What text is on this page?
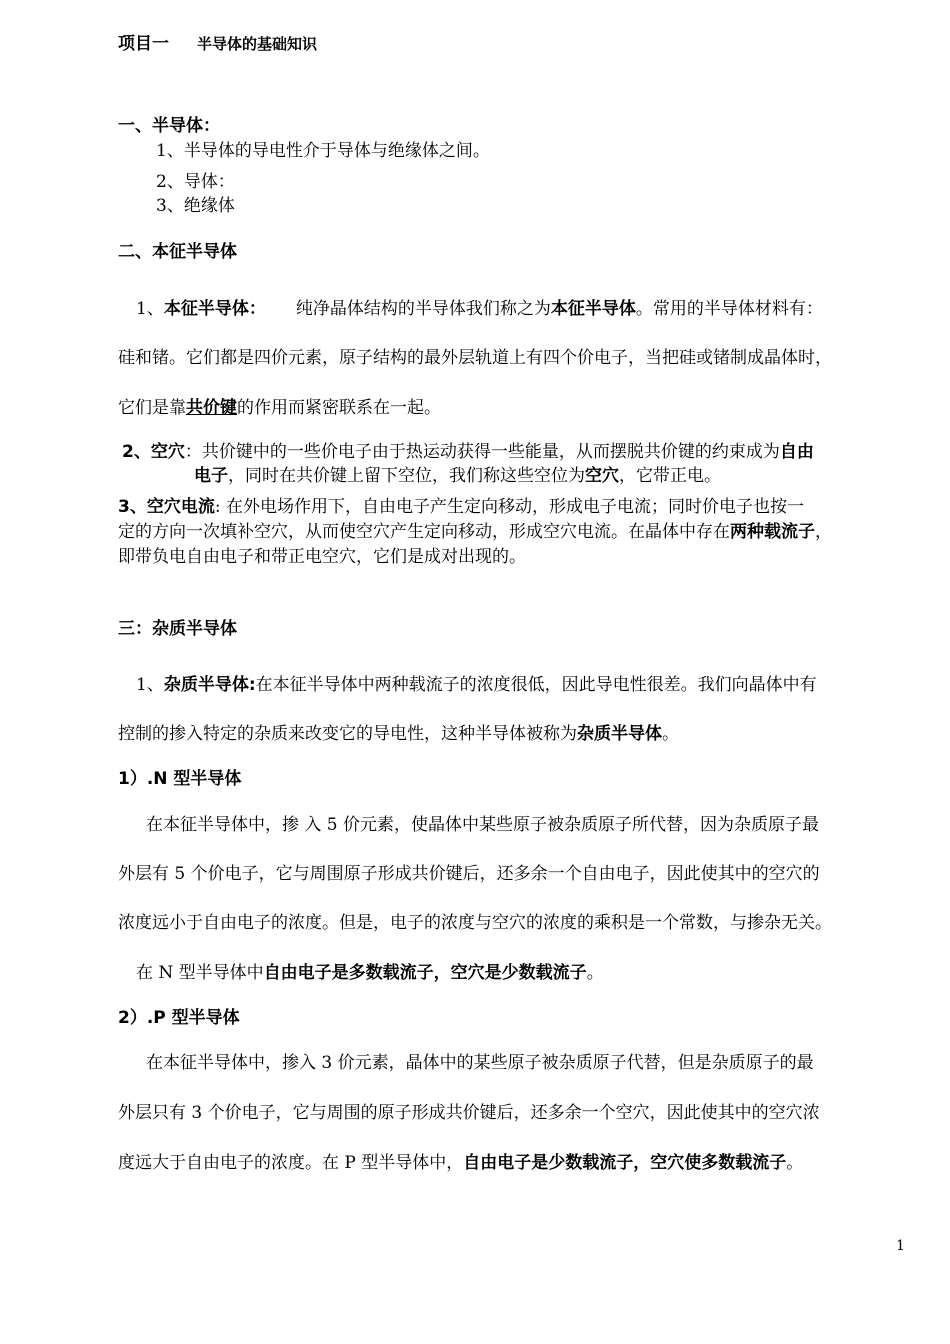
项目一 半导体的基础知识
一、半导体：
1、半导体的导电性介于导体与绝缘体之间。
2、导体：
3、绝缘体
二、本征半导体
1、本征半导体： 纯净晶体结构的半导体我们称之为本征半导体。常用的半导体材料有：
硅和锗。它们都是四价元素，原子结构的最外层轨道上有四个价电子，当把硅或锗制成晶体时，
它们是靠共价键的作用而紧密联系在一起。
2、空穴：共价键中的一些价电子由于热运动获得一些能量，从而摆脱共价键的约束成为自由
电子，同时在共价键上留下空位，我们称这些空位为空穴，它带正电。
3、空穴电流: 在外电场作用下，自由电子产生定向移动，形成电子电流；同时价电子也按一
定的方向一次填补空穴，从而使空穴产生定向移动，形成空穴电流。在晶体中存在两种载流子，
即带负电自由电子和带正电空穴，它们是成对出现的。
三：杂质半导体
1、杂质半导体:在本征半导体中两种载流子的浓度很低，因此导电性很差。我们向晶体中有
控制的掺入特定的杂质来改变它的导电性，这种半导体被称为杂质半导体。
1）.N 型半导体
在本征半导体中，掺 入 5 价元素，使晶体中某些原子被杂质原子所代替，因为杂质原子最
外层有 5 个价电子，它与周围原子形成共价键后，还多余一个自由电子，因此使其中的空穴的
浓度远小于自由电子的浓度。但是，电子的浓度与空穴的浓度的乘积是一个常数，与掺杂无关。
在 N 型半导体中自由电子是多数载流子，空穴是少数载流子。
2）.P 型半导体
在本征半导体中，掺入 3 价元素，晶体中的某些原子被杂质原子代替，但是杂质原子的最
外层只有 3 个价电子，它与周围的原子形成共价键后，还多余一个空穴，因此使其中的空穴浓
度远大于自由电子的浓度。在 P 型半导体中，自由电子是少数载流子，空穴使多数载流子。
1
